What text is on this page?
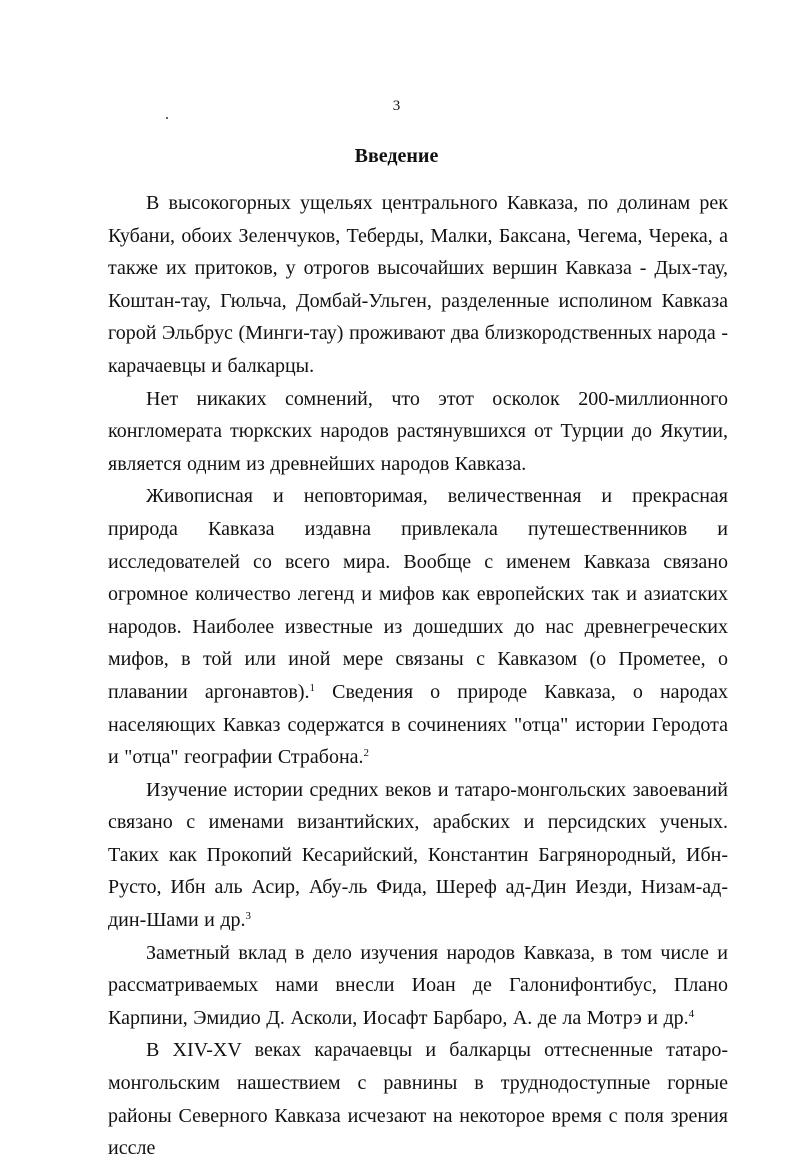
3
Введение

В высокогорных ущельях центрального Кавказа, по долинам рек Кубани, обоих Зеленчуков, Теберды, Малки, Баксана, Чегема, Черека, а также их притоков, у отрогов высочайших вершин Кавказа - Дых-тау, Коштан-тау, Гюльча, Домбай-Ульген, разделенные исполином Кавказа горой Эльбрус (Минги-тау) проживают два близкородственных народа - карачаевцы и балкарцы.

Нет никаких сомнений, что этот осколок 200-миллионного конгломерата тюркских народов растянувшихся от Турции до Якутии, является одним из древнейших народов Кавказа.

Живописная и неповторимая, величественная и прекрасная природа Кавказа издавна привлекала путешественников и исследователей со всего мира. Вообще с именем Кавказа связано огромное количество легенд и мифов как европейских так и азиатских народов. Наиболее известные из дошедших до нас древнегреческих мифов, в той или иной мере связаны с Кавказом (о Прометее, о плавании аргонавтов).$^1$ Сведения о природе Кавказа, о народах населяющих Кавказ содержатся в сочинениях "отца" истории Геродота и "отца" географии Страбона.$^2$

Изучение истории средних веков и татаро-монгольских завоеваний связано с именами византийских, арабских и персидских ученых. Таких как Прокопий Кесарийский, Константин Багрянородный, Ибн-Русто, Ибн аль Асир, Абу-ль Фида, Шереф ад-Дин Иезди, Низам-ад-дин-Шами и др.$^3$

Заметный вклад в дело изучения народов Кавказа, в том числе и рассматриваемых нами внесли Иоан де Галонифонтибус, Плано Карпини, Эмидио Д. Асколи, Иосафт Барбаро, А. де ла Мотрэ и др.$^4$

В XIV-XV веках карачаевцы и балкарцы оттесненные татаро-монгольским нашествием с равнины в труднодоступные горные районы Северного Кавказа исчезают на некоторое время с поля зрения иссле
